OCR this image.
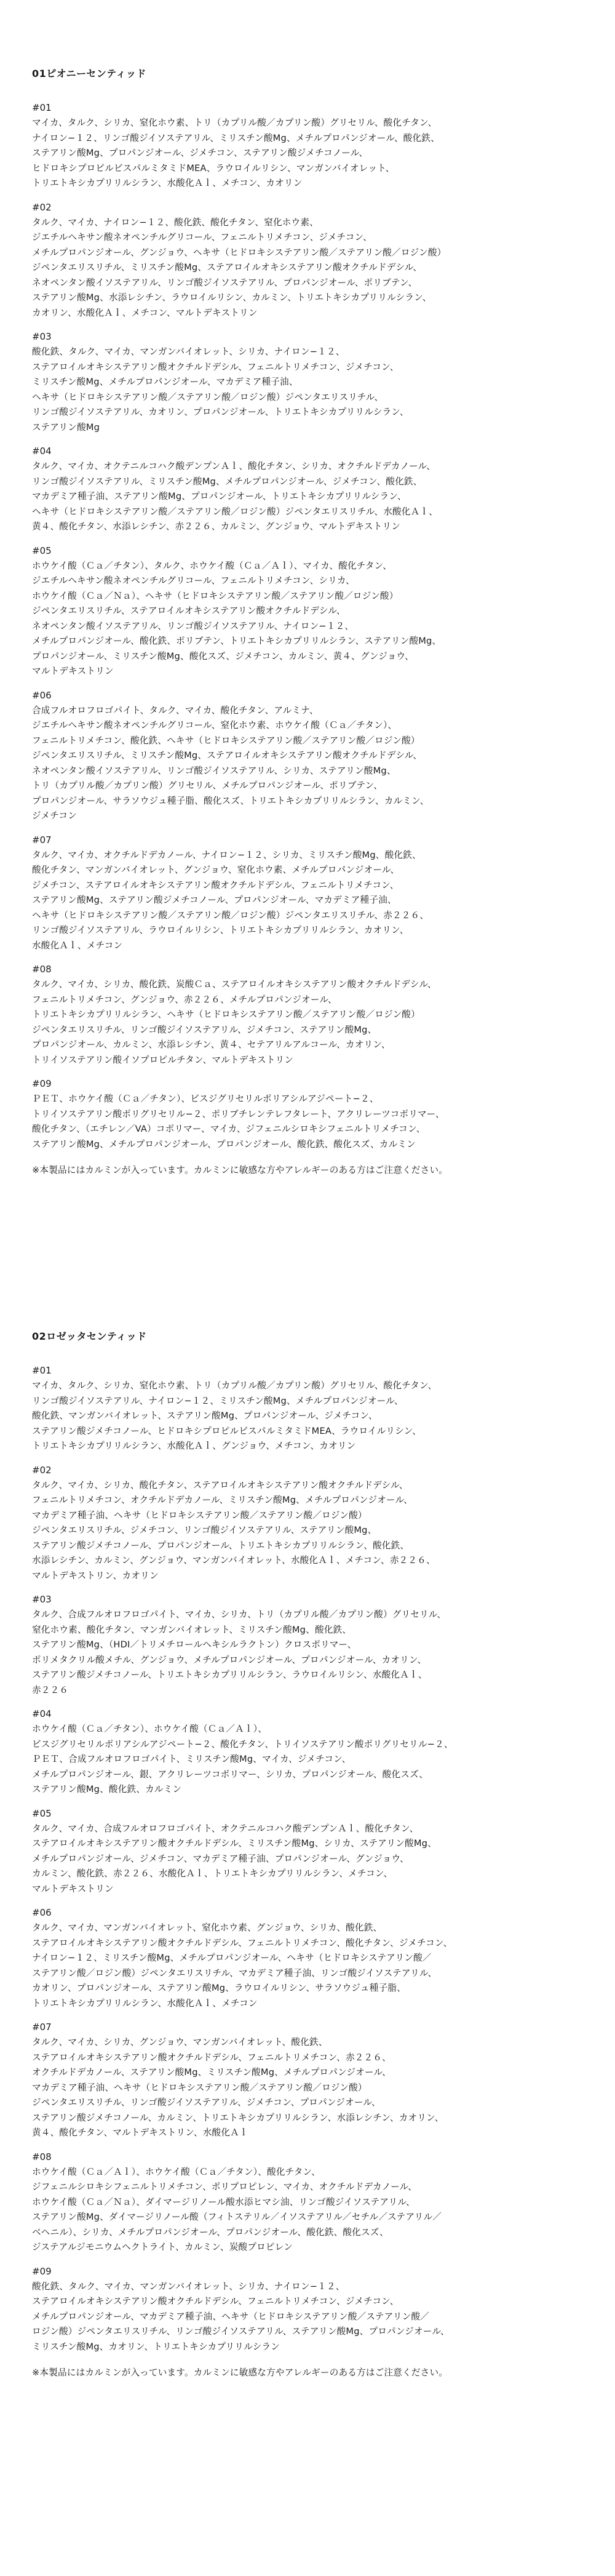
01ピオニーセンティッド

#01

マイカ、タルク、シリカ、窒化ホウ素、トリ（カプリル酸／カプリン酸）グリセリル、酸化チタン、
ナイロン−１２、リンゴ酸ジイソステアリル、ミリスチン酸Mg、メチルプロパンジオール、酸化鉄、
ステアリン酸Mg、プロパンジオール、ジメチコン、ステアリン酸ジメチコノール、
ヒドロキシプロピルビスパルミタミドMEA、ラウロイルリシン、マンガンバイオレット、
トリエトキシカプリリルシラン、水酸化Ａｌ、メチコン、カオリン

#02

タルク、マイカ、ナイロン−１２、酸化鉄、酸化チタン、窒化ホウ素、
ジエチルヘキサン酸ネオペンチルグリコール、フェニルトリメチコン、ジメチコン、
メチルプロパンジオール、グンジョウ、ヘキサ（ヒドロキシステアリン酸／ステアリン酸／ロジン酸）
ジペンタエリスリチル、ミリスチン酸Mg、ステアロイルオキシステアリン酸オクチルドデシル、
ネオペンタン酸イソステアリル、リンゴ酸ジイソステアリル、プロパンジオール、ポリブテン、
ステアリン酸Mg、水添レシチン、ラウロイルリシン、カルミン、トリエトキシカプリリルシラン、
カオリン、水酸化Ａｌ、メチコン、マルトデキストリン

#03

酸化鉄、タルク、マイカ、マンガンバイオレット、シリカ、ナイロン−１２、
ステアロイルオキシステアリン酸オクチルドデシル、フェニルトリメチコン、ジメチコン、
ミリスチン酸Mg、メチルプロパンジオール、マカデミア種子油、
ヘキサ（ヒドロキシステアリン酸／ステアリン酸／ロジン酸）ジペンタエリスリチル、
リンゴ酸ジイソステアリル、カオリン、プロパンジオール、トリエトキシカプリリルシラン、
ステアリン酸Mg

#04

タルク、マイカ、オクテニルコハク酸デンプンＡｌ、酸化チタン、シリカ、オクチルドデカノール、
リンゴ酸ジイソステアリル、ミリスチン酸Mg、メチルプロパンジオール、ジメチコン、酸化鉄、
マカデミア種子油、ステアリン酸Mg、プロパンジオール、トリエトキシカプリリルシラン、
ヘキサ（ヒドロキシステアリン酸／ステアリン酸／ロジン酸）ジペンタエリスリチル、水酸化Ａｌ、
黄４、酸化チタン、水添レシチン、赤２２６、カルミン、グンジョウ、マルトデキストリン

#05

ホウケイ酸（Ｃａ／チタン）、タルク、ホウケイ酸（Ｃａ／Ａｌ）、マイカ、酸化チタン、
ジエチルヘキサン酸ネオペンチルグリコール、フェニルトリメチコン、シリカ、
ホウケイ酸（Ｃａ／Ｎａ）、ヘキサ（ヒドロキシステアリン酸／ステアリン酸／ロジン酸）
ジペンタエリスリチル、ステアロイルオキシステアリン酸オクチルドデシル、
ネオペンタン酸イソステアリル、リンゴ酸ジイソステアリル、ナイロン−１２、
メチルプロパンジオール、酸化鉄、ポリブテン、トリエトキシカプリリルシラン、ステアリン酸Mg、
プロパンジオール、ミリスチン酸Mg、酸化スズ、ジメチコン、カルミン、黄４、グンジョウ、
マルトデキストリン

#06

合成フルオロフロゴパイト、タルク、マイカ、酸化チタン、アルミナ、
ジエチルヘキサン酸ネオペンチルグリコール、窒化ホウ素、ホウケイ酸（Ｃａ／チタン）、
フェニルトリメチコン、酸化鉄、ヘキサ（ヒドロキシステアリン酸／ステアリン酸／ロジン酸）
ジペンタエリスリチル、ミリスチン酸Mg、ステアロイルオキシステアリン酸オクチルドデシル、
ネオペンタン酸イソステアリル、リンゴ酸ジイソステアリル、シリカ、ステアリン酸Mg、
トリ（カプリル酸／カプリン酸）グリセリル、メチルプロパンジオール、ポリブテン、
プロパンジオール、サラソウジュ種子脂、酸化スズ、トリエトキシカプリリルシラン、カルミン、
ジメチコン

#07

タルク、マイカ、オクチルドデカノール、ナイロン−１２、シリカ、ミリスチン酸Mg、酸化鉄、
酸化チタン、マンガンバイオレット、グンジョウ、窒化ホウ素、メチルプロパンジオール、
ジメチコン、ステアロイルオキシステアリン酸オクチルドデシル、フェニルトリメチコン、
ステアリン酸Mg、ステアリン酸ジメチコノール、プロパンジオール、マカデミア種子油、
ヘキサ（ヒドロキシステアリン酸／ステアリン酸／ロジン酸）ジペンタエリスリチル、赤２２６、
リンゴ酸ジイソステアリル、ラウロイルリシン、トリエトキシカプリリルシラン、カオリン、
水酸化Ａｌ、メチコン

#08

タルク、マイカ、シリカ、酸化鉄、炭酸Ｃａ、ステアロイルオキシステアリン酸オクチルドデシル、
フェニルトリメチコン、グンジョウ、赤２２６、メチルプロパンジオール、
トリエトキシカプリリルシラン、ヘキサ（ヒドロキシステアリン酸／ステアリン酸／ロジン酸）
ジペンタエリスリチル、リンゴ酸ジイソステアリル、ジメチコン、ステアリン酸Mg、
プロパンジオール、カルミン、水添レシチン、黄４、セテアリルアルコール、カオリン、
トリイソステアリン酸イソプロピルチタン、マルトデキストリン

#09

ＰＥＴ、ホウケイ酸（Ｃａ／チタン）、ビスジグリセリルポリアシルアジペート−２、
トリイソステアリン酸ポリグリセリル−２、ポリブチレンテレフタレート、アクリレーツコポリマー、
酸化チタン、（エチレン／VA）コポリマー、マイカ、ジフェニルシロキシフェニルトリメチコン、
ステアリン酸Mg、メチルプロパンジオール、プロパンジオール、酸化鉄、酸化スズ、カルミン

※本製品にはカルミンが入っています。カルミンに敏感な方やアレルギーのある方はご注意ください。

02ロゼッタセンティッド

#01

マイカ、タルク、シリカ、窒化ホウ素、トリ（カプリル酸／カプリン酸）グリセリル、酸化チタン、
リンゴ酸ジイソステアリル、ナイロン−１２、ミリスチン酸Mg、メチルプロパンジオール、
酸化鉄、マンガンバイオレット、ステアリン酸Mg、プロパンジオール、ジメチコン、
ステアリン酸ジメチコノール、ヒドロキシプロピルビスパルミタミドMEA、ラウロイルリシン、
トリエトキシカプリリルシラン、水酸化Ａｌ、グンジョウ、メチコン、カオリン

#02

タルク、マイカ、シリカ、酸化チタン、ステアロイルオキシステアリン酸オクチルドデシル、
フェニルトリメチコン、オクチルドデカノール、ミリスチン酸Mg、メチルプロパンジオール、
マカデミア種子油、ヘキサ（ヒドロキシステアリン酸／ステアリン酸／ロジン酸）
ジペンタエリスリチル、ジメチコン、リンゴ酸ジイソステアリル、ステアリン酸Mg、
ステアリン酸ジメチコノール、プロパンジオール、トリエトキシカプリリルシラン、酸化鉄、
水添レシチン、カルミン、グンジョウ、マンガンバイオレット、水酸化Ａｌ、メチコン、赤２２６、
マルトデキストリン、カオリン

#03

タルク、合成フルオロフロゴパイト、マイカ、シリカ、トリ（カプリル酸／カプリン酸）グリセリル、
窒化ホウ素、酸化チタン、マンガンバイオレット、ミリスチン酸Mg、酸化鉄、
ステアリン酸Mg、（HDI／トリメチロールヘキシルラクトン）クロスポリマー、
ポリメタクリル酸メチル、グンジョウ、メチルプロパンジオール、プロパンジオール、カオリン、
ステアリン酸ジメチコノール、トリエトキシカプリリルシラン、ラウロイルリシン、水酸化Ａｌ、
赤２２６

#04

ホウケイ酸（Ｃａ／チタン）、ホウケイ酸（Ｃａ／Ａｌ）、
ビスジグリセリルポリアシルアジペート−２、酸化チタン、トリイソステアリン酸ポリグリセリル−２、
ＰＥＴ、合成フルオロフロゴパイト、ミリスチン酸Mg、マイカ、ジメチコン、
メチルプロパンジオール、銀、アクリレーツコポリマー、シリカ、プロパンジオール、酸化スズ、
ステアリン酸Mg、酸化鉄、カルミン

#05

タルク、マイカ、合成フルオロフロゴパイト、オクテニルコハク酸デンプンＡｌ、酸化チタン、
ステアロイルオキシステアリン酸オクチルドデシル、ミリスチン酸Mg、シリカ、ステアリン酸Mg、
メチルプロパンジオール、ジメチコン、マカデミア種子油、プロパンジオール、グンジョウ、
カルミン、酸化鉄、赤２２６、水酸化Ａｌ、トリエトキシカプリリルシラン、メチコン、
マルトデキストリン

#06

タルク、マイカ、マンガンバイオレット、窒化ホウ素、グンジョウ、シリカ、酸化鉄、
ステアロイルオキシステアリン酸オクチルドデシル、フェニルトリメチコン、酸化チタン、ジメチコン、
ナイロン−１２、ミリスチン酸Mg、メチルプロパンジオール、ヘキサ（ヒドロキシステアリン酸／
ステアリン酸／ロジン酸）ジペンタエリスリチル、マカデミア種子油、リンゴ酸ジイソステアリル、
カオリン、プロパンジオール、ステアリン酸Mg、ラウロイルリシン、サラソウジュ種子脂、
トリエトキシカプリリルシラン、水酸化Ａｌ、メチコン

#07

タルク、マイカ、シリカ、グンジョウ、マンガンバイオレット、酸化鉄、
ステアロイルオキシステアリン酸オクチルドデシル、フェニルトリメチコン、赤２２６、
オクチルドデカノール、ステアリン酸Mg、ミリスチン酸Mg、メチルプロパンジオール、
マカデミア種子油、ヘキサ（ヒドロキシステアリン酸／ステアリン酸／ロジン酸）
ジペンタエリスリチル、リンゴ酸ジイソステアリル、ジメチコン、プロパンジオール、
ステアリン酸ジメチコノール、カルミン、トリエトキシカプリリルシラン、水添レシチン、カオリン、
黄４、酸化チタン、マルトデキストリン、水酸化Ａｌ

#08

ホウケイ酸（Ｃａ／Ａｌ）、ホウケイ酸（Ｃａ／チタン）、酸化チタン、
ジフェニルシロキシフェニルトリメチコン、ポリプロピレン、マイカ、オクチルドデカノール、
ホウケイ酸（Ｃａ／Ｎａ）、ダイマージリノール酸水添ヒマシ油、リンゴ酸ジイソステアリル、
ステアリン酸Mg、ダイマージリノール酸（フィトステリル／イソステアリル／セチル／ステアリル／
ベヘニル）、シリカ、メチルプロパンジオール、プロパンジオール、酸化鉄、酸化スズ、
ジステアルジモニウムヘクトライト、カルミン、炭酸プロピレン

#09

酸化鉄、タルク、マイカ、マンガンバイオレット、シリカ、ナイロン−１２、
ステアロイルオキシステアリン酸オクチルドデシル、フェニルトリメチコン、ジメチコン、
メチルプロパンジオール、マカデミア種子油、ヘキサ（ヒドロキシステアリン酸／ステアリン酸／
ロジン酸）ジペンタエリスリチル、リンゴ酸ジイソステアリル、ステアリン酸Mg、プロパンジオール、
ミリスチン酸Mg、カオリン、トリエトキシカプリリルシラン

※本製品にはカルミンが入っています。カルミンに敏感な方やアレルギーのある方はご注意ください。
